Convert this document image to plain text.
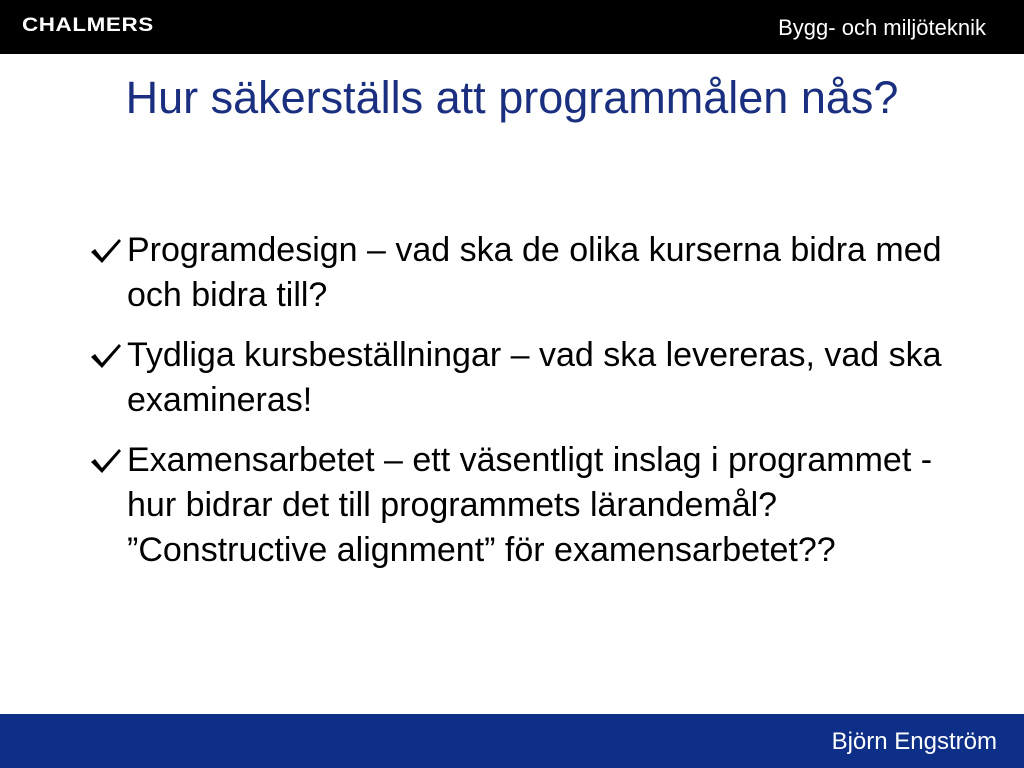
CHALMERS	Bygg- och miljöteknik
Hur säkerställs att programmålen nås?
Programdesign – vad ska de olika kurserna bidra med och bidra till?
Tydliga kursbeställningar – vad ska levereras, vad ska examineras!
Examensarbetet – ett väsentligt inslag i programmet - hur bidrar det till programmets lärandemål? ”Constructive alignment” för examensarbetet??
Björn Engström
